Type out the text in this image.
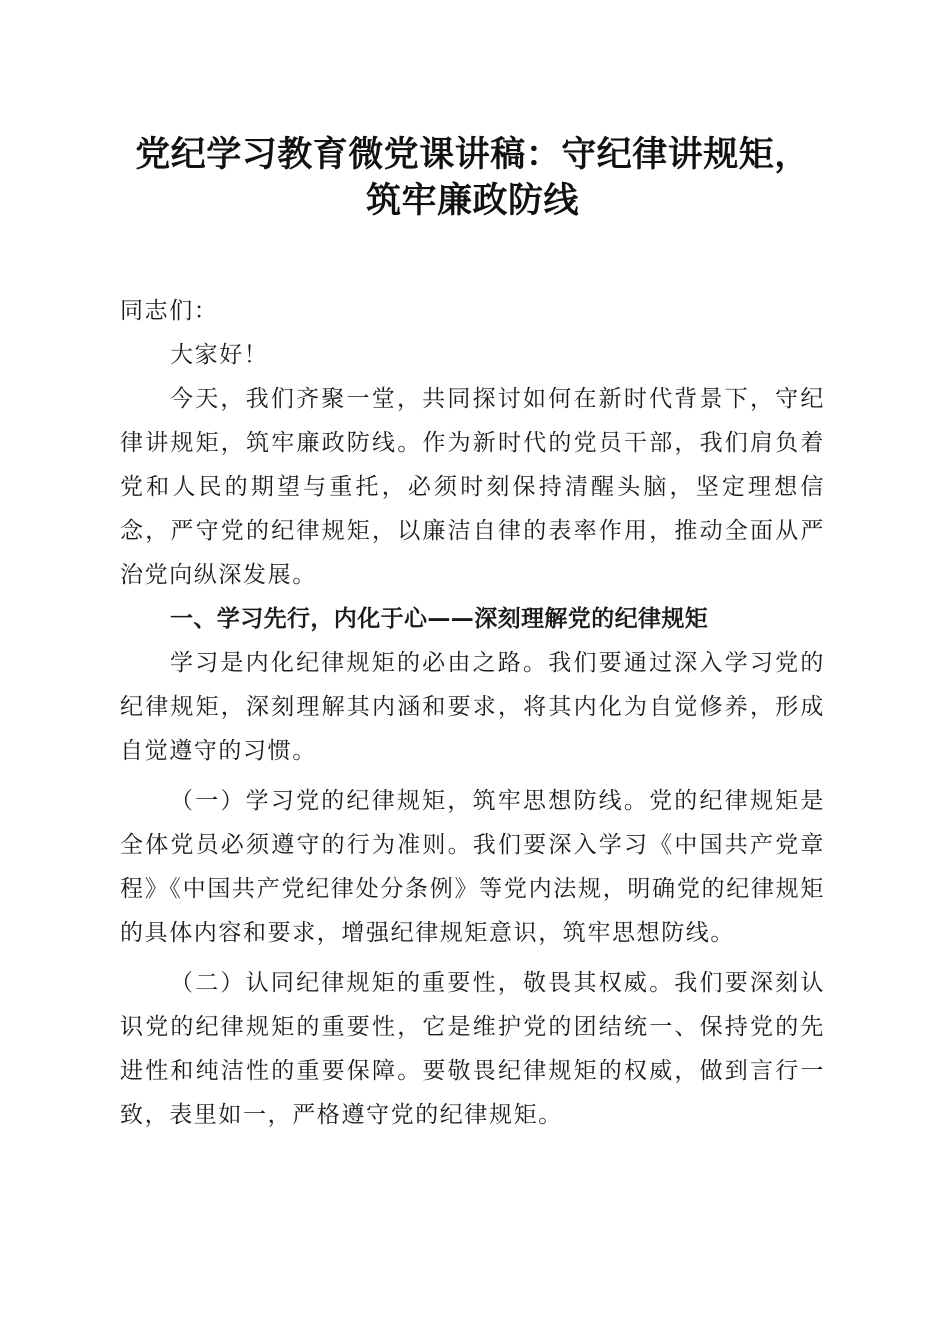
党纪学习教育微党课讲稿：守纪律讲规矩，筑牢廉政防线

同志们：

大家好！

今天，我们齐聚一堂，共同探讨如何在新时代背景下，守纪律讲规矩，筑牢廉政防线。作为新时代的党员干部，我们肩负着党和人民的期望与重托，必须时刻保持清醒头脑，坚定理想信念，严守党的纪律规矩，以廉洁自律的表率作用，推动全面从严治党向纵深发展。

一、学习先行，内化于心——深刻理解党的纪律规矩

学习是内化纪律规矩的必由之路。我们要通过深入学习党的纪律规矩，深刻理解其内涵和要求，将其内化为自觉修养，形成自觉遵守的习惯。

（一）学习党的纪律规矩，筑牢思想防线。党的纪律规矩是全体党员必须遵守的行为准则。我们要深入学习《中国共产党章程》《中国共产党纪律处分条例》等党内法规，明确党的纪律规矩的具体内容和要求，增强纪律规矩意识，筑牢思想防线。

（二）认同纪律规矩的重要性，敬畏其权威。我们要深刻认识党的纪律规矩的重要性，它是维护党的团结统一、保持党的先进性和纯洁性的重要保障。要敬畏纪律规矩的权威，做到言行一致，表里如一，严格遵守党的纪律规矩。
